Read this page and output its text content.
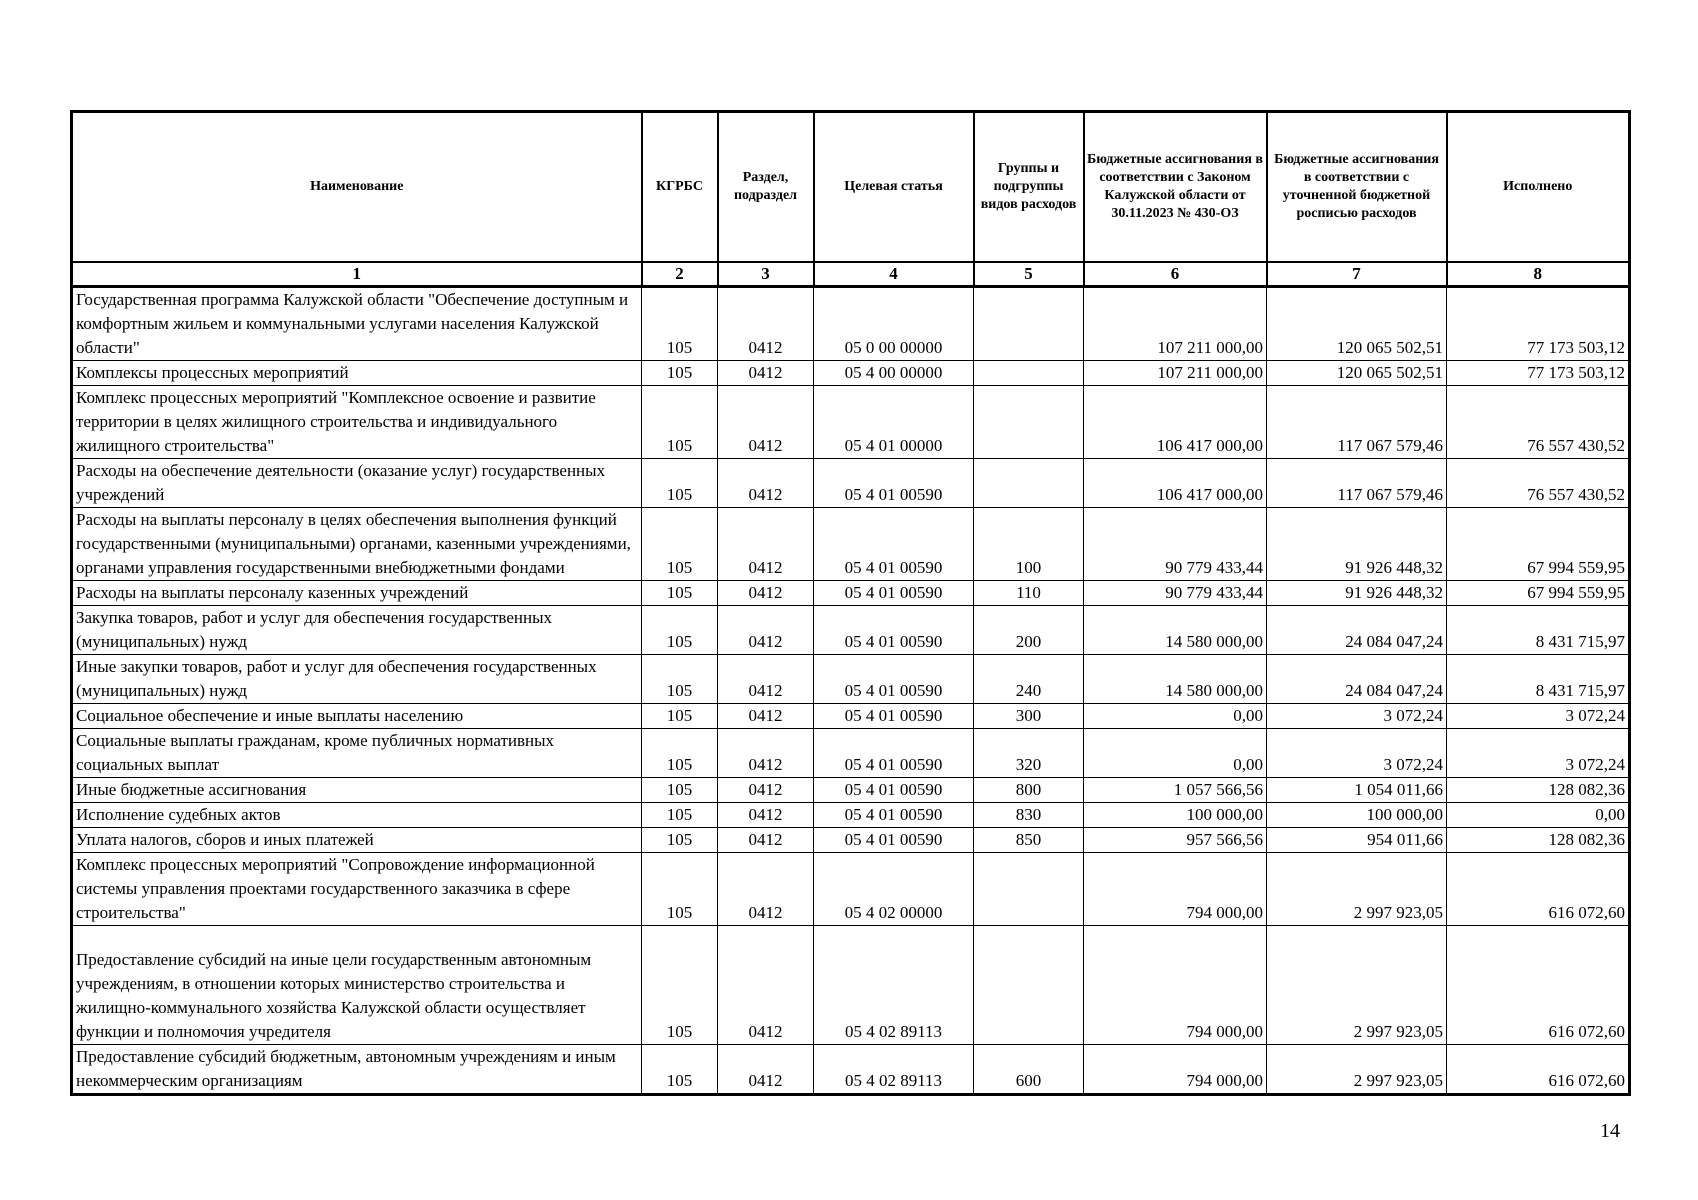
Наименование	КГРБС	Раздел, подраздел	Целевая статья	Группы и подгруппы видов расходов	Бюджетные ассигнования в соответствии с Законом Калужской области от 30.11.2023 № 430-ОЗ	Бюджетные ассигнования в соответствии с уточненной бюджетной росписью расходов	Исполнено
1	2	3	4	5	6	7	8
Государственная программа Калужской области "Обеспечение доступным и комфортным жильем и коммунальными услугами населения Калужской области"	105	0412	05 0 00 00000		107 211 000,00	120 065 502,51	77 173 503,12
Комплексы процессных мероприятий	105	0412	05 4 00 00000		107 211 000,00	120 065 502,51	77 173 503,12
Комплекс процессных мероприятий "Комплексное освоение и развитие территории в целях жилищного строительства и индивидуального жилищного строительства"	105	0412	05 4 01 00000		106 417 000,00	117 067 579,46	76 557 430,52
Расходы на обеспечение деятельности (оказание услуг) государственных учреждений	105	0412	05 4 01 00590		106 417 000,00	117 067 579,46	76 557 430,52
Расходы на выплаты персоналу в целях обеспечения выполнения функций государственными (муниципальными) органами, казенными учреждениями, органами управления государственными внебюджетными фондами	105	0412	05 4 01 00590	100	90 779 433,44	91 926 448,32	67 994 559,95
Расходы на выплаты персоналу казенных учреждений	105	0412	05 4 01 00590	110	90 779 433,44	91 926 448,32	67 994 559,95
Закупка товаров, работ и услуг для обеспечения государственных (муниципальных) нужд	105	0412	05 4 01 00590	200	14 580 000,00	24 084 047,24	8 431 715,97
Иные закупки товаров, работ и услуг для обеспечения государственных (муниципальных) нужд	105	0412	05 4 01 00590	240	14 580 000,00	24 084 047,24	8 431 715,97
Социальное обеспечение и иные выплаты населению	105	0412	05 4 01 00590	300	0,00	3 072,24	3 072,24
Социальные выплаты гражданам, кроме публичных нормативных социальных выплат	105	0412	05 4 01 00590	320	0,00	3 072,24	3 072,24
Иные бюджетные ассигнования	105	0412	05 4 01 00590	800	1 057 566,56	1 054 011,66	128 082,36
Исполнение судебных актов	105	0412	05 4 01 00590	830	100 000,00	100 000,00	0,00
Уплата налогов, сборов и иных платежей	105	0412	05 4 01 00590	850	957 566,56	954 011,66	128 082,36
Комплекс процессных мероприятий "Сопровождение информационной системы управления проектами государственного заказчика в сфере строительства"	105	0412	05 4 02 00000		794 000,00	2 997 923,05	616 072,60
Предоставление субсидий на иные цели государственным автономным учреждениям, в отношении которых министерство строительства и жилищно-коммунального хозяйства Калужской области осуществляет функции и полномочия учредителя	105	0412	05 4 02 89113		794 000,00	2 997 923,05	616 072,60
Предоставление субсидий бюджетным, автономным учреждениям и иным некоммерческим организациям	105	0412	05 4 02 89113	600	794 000,00	2 997 923,05	616 072,60
14
